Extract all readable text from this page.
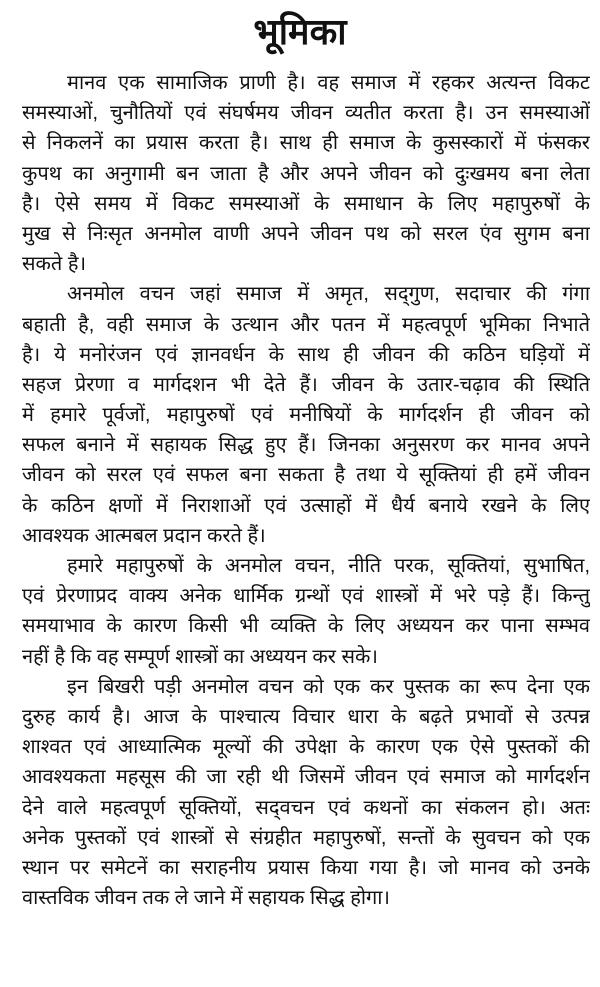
भूमिका
मानव एक सामाजिक प्राणी है। वह समाज में रहकर अत्यन्त विकट
समस्याओं, चुनौतियों एवं संघर्षमय जीवन व्यतीत करता है। उन समस्याओं
से निकलनें का प्रयास करता है। साथ ही समाज के कुसस्कारों में फंसकर
कुपथ का अनुगामी बन जाता है और अपने जीवन को दुःखमय बना लेता
है। ऐसे समय में विकट समस्याओं के समाधान के लिए महापुरुषों के
मुख से निःसृत अनमोल वाणी अपने जीवन पथ को सरल एंव सुगम बना
सकते है।
अनमोल वचन जहां समाज में अमृत, सद्‌गुण, सदाचार की गंगा
बहाती है, वही समाज के उत्थान और पतन में महत्वपूर्ण भूमिका निभाते
है। ये मनोरंजन एवं ज्ञानवर्धन के साथ ही जीवन की कठिन घड़ियों में
सहज प्रेरणा व मार्गदशन भी देते हैं। जीवन के उतार-चढ़ाव की स्थिति
में हमारे पूर्वजों, महापुरुषों एवं मनीषियों के मार्गदर्शन ही जीवन को
सफल बनाने में सहायक सिद्ध हुए हैं। जिनका अनुसरण कर मानव अपने
जीवन को सरल एवं सफल बना सकता है तथा ये सूक्तियां ही हमें जीवन
के कठिन क्षणों में निराशाओं एवं उत्साहों में धैर्य बनाये रखने के लिए
आवश्यक आत्मबल प्रदान करते हैं।
हमारे महापुरुषों के अनमोल वचन, नीति परक, सूक्तियां, सुभाषित,
एवं प्रेरणाप्रद वाक्य अनेक धार्मिक ग्रन्थों एवं शास्त्रों में भरे पड़े हैं। किन्तु
समयाभाव के कारण किसी भी व्यक्ति के लिए अध्ययन कर पाना सम्भव
नहीं है कि वह सम्पूर्ण शास्त्रों का अध्ययन कर सके।
इन बिखरी पड़ी अनमोल वचन को एक कर पुस्तक का रूप देना एक
दुरुह कार्य है। आज के पाश्चात्य विचार धारा के बढ़ते प्रभावों से उत्पन्न
शाश्वत एवं आध्यात्मिक मूल्यों की उपेक्षा के कारण एक ऐसे पुस्तकों की
आवश्यकता महसूस की जा रही थी जिसमें जीवन एवं समाज को मार्गदर्शन
देने वाले महत्वपूर्ण सूक्तियों, सद्‌वचन एवं कथनों का संकलन हो। अतः
अनेक पुस्तकों एवं शास्त्रों से संग्रहीत महापुरुषों, सन्तों के सुवचन को एक
स्थान पर समेटनें का सराहनीय प्रयास किया गया है। जो मानव को उनके
वास्तविक जीवन तक ले जाने में सहायक सिद्ध होगा।
